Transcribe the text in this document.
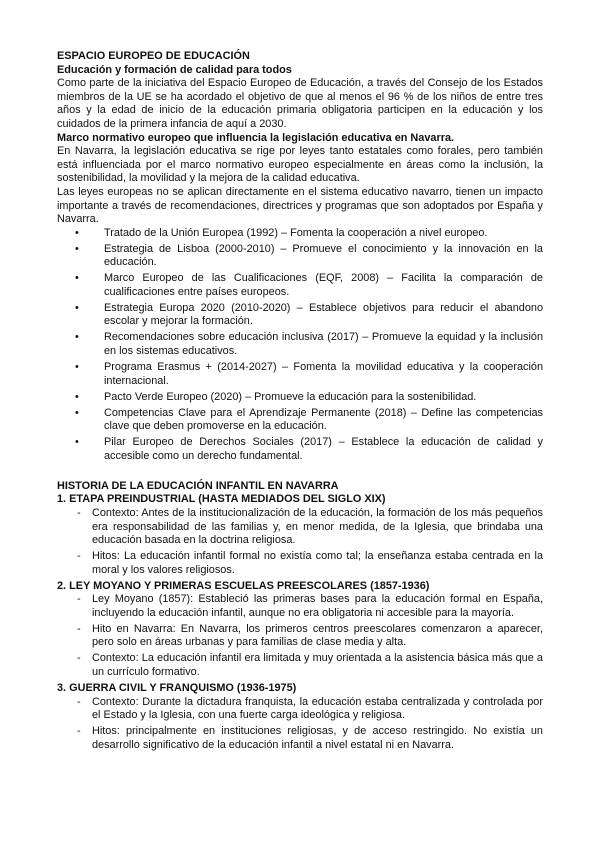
ESPACIO EUROPEO DE EDUCACIÓN

Educación y formación de calidad para todos

Como parte de la iniciativa del Espacio Europeo de Educación, a través del Consejo de los Estados miembros de la UE se ha acordado el objetivo de que al menos el 96 % de los niños de entre tres años y la edad de inicio de la educación primaria obligatoria participen en la educación y los cuidados de la primera infancia de aquí a 2030.

Marco normativo europeo que influencia la legislación educativa en Navarra.

En Navarra, la legislación educativa se rige por leyes tanto estatales como forales, pero también está influenciada por el marco normativo europeo especialmente en áreas como la inclusión, la sostenibilidad, la movilidad y la mejora de la calidad educativa.

Las leyes europeas no se aplican directamente en el sistema educativo navarro, tienen un impacto importante a través de recomendaciones, directrices y programas que son adoptados por España y Navarra.

• Tratado de la Unión Europea (1992) – Fomenta la cooperación a nivel europeo.
• Estrategia de Lisboa (2000-2010) – Promueve el conocimiento y la innovación en la educación.
• Marco Europeo de las Cualificaciones (EQF, 2008) – Facilita la comparación de cualificaciones entre países europeos.
• Estrategia Europa 2020 (2010-2020) – Establece objetivos para reducir el abandono escolar y mejorar la formación.
• Recomendaciones sobre educación inclusiva (2017) – Promueve la equidad y la inclusión en los sistemas educativos.
• Programa Erasmus + (2014-2027) – Fomenta la movilidad educativa y la cooperación internacional.
• Pacto Verde Europeo (2020) – Promueve la educación para la sostenibilidad.
• Competencias Clave para el Aprendizaje Permanente (2018) – Define las competencias clave que deben promoverse en la educación.
• Pilar Europeo de Derechos Sociales (2017) – Establece la educación de calidad y accesible como un derecho fundamental.

HISTORIA DE LA EDUCACIÓN INFANTIL EN NAVARRA

1. ETAPA PREINDUSTRIAL (HASTA MEDIADOS DEL SIGLO XIX)

- Contexto: Antes de la institucionalización de la educación, la formación de los más pequeños era responsabilidad de las familias y, en menor medida, de la Iglesia, que brindaba una educación basada en la doctrina religiosa.
- Hitos: La educación infantil formal no existía como tal; la enseñanza estaba centrada en la moral y los valores religiosos.

2. LEY MOYANO Y PRIMERAS ESCUELAS PREESCOLARES (1857-1936)

- Ley Moyano (1857): Estableció las primeras bases para la educación formal en España, incluyendo la educación infantil, aunque no era obligatoria ni accesible para la mayoría.
- Hito en Navarra: En Navarra, los primeros centros preescolares comenzaron a aparecer, pero solo en áreas urbanas y para familias de clase media y alta.
- Contexto: La educación infantil era limitada y muy orientada a la asistencia básica más que a un currículo formativo.

3. GUERRA CIVIL Y FRANQUISMO (1936-1975)

- Contexto: Durante la dictadura franquista, la educación estaba centralizada y controlada por el Estado y la Iglesia, con una fuerte carga ideológica y religiosa.
- Hitos: principalmente en instituciones religiosas, y de acceso restringido. No existía un desarrollo significativo de la educación infantil a nivel estatal ni en Navarra.
